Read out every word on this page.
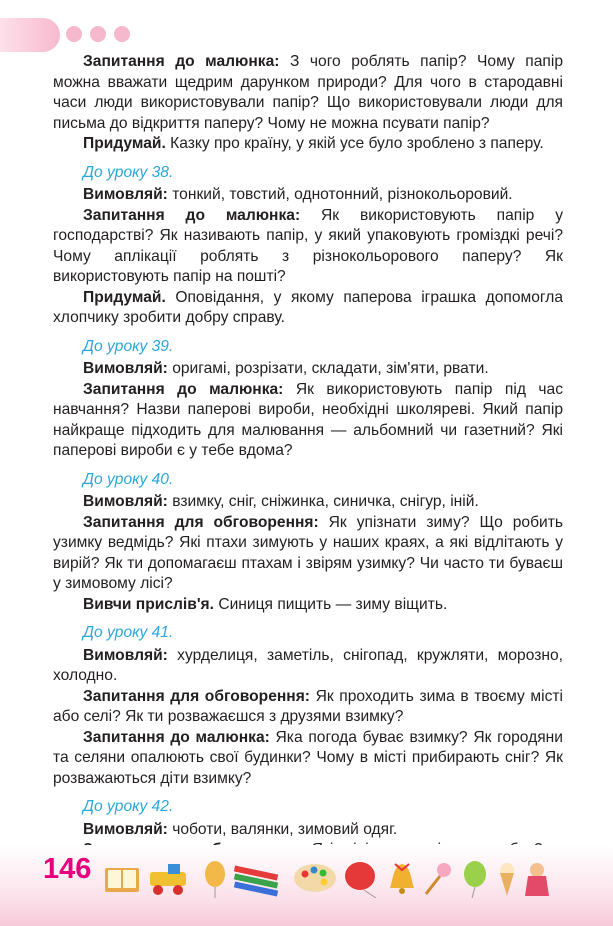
Запитання до малюнка: З чого роблять папір? Чому папір можна вважати щедрим дарунком природи? Для чого в стародавні часи люди використовували папір? Що використовували люди для письма до відкриття паперу? Чому не можна псувати папір?

Придумай. Казку про країну, у якій усе було зроблено з паперу.

До уроку 38.

Вимовляй: тонкий, товстий, однотонний, різнокольоровий.

Запитання до малюнка: Як використовують папір у господарстві? Як називають папір, у який упаковують громіздкі речі? Чому аплікації роблять з різнокольорового паперу? Як використовують папір на пошті?

Придумай. Оповідання, у якому паперова іграшка допомогла хлопчику зробити добру справу.

До уроку 39.

Вимовляй: оригамі, розрізати, складати, зім'яти, рвати.

Запитання до малюнка: Як використовують папір під час навчання? Назви паперові вироби, необхідні школяреві. Який папір найкраще підходить для малювання — альбомний чи газетний? Які паперові вироби є у тебе вдома?

До уроку 40.

Вимовляй: взимку, сніг, сніжинка, синичка, снігур, іній.

Запитання для обговорення: Як упізнати зиму? Що робить узимку ведмідь? Які птахи зимують у наших краях, а які відлітають у вирій? Як ти допомагаєш птахам і звірям узимку? Чи часто ти буваєш у зимовому лісі?

Вивчи прислів'я. Синиця пищить — зиму віщить.

До уроку 41.

Вимовляй: хурделиця, заметіль, снігопад, кружляти, морозно, холодно.

Запитання для обговорення: Як проходить зима в твоєму місті або селі? Як ти розважаєшся з друзями взимку?

Запитання до малюнка: Яка погода буває взимку? Як городяни та селяни опалюють свої будинки? Чому в місті прибирають сніг? Як розважаються діти взимку?

До уроку 42.

Вимовляй: чоботи, валянки, зимовий одяг.

146
